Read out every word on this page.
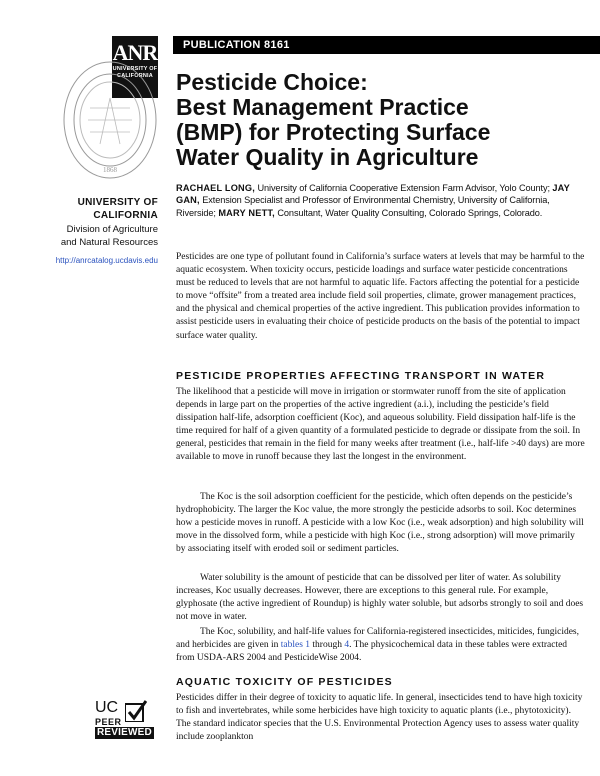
ANR
UNIVERSITY OF CALIFORNIA
1868
PUBLICATION 8161
Pesticide Choice:
Best Management Practice
(BMP) for Protecting Surface
Water Quality in Agriculture
UNIVERSITY OF
CALIFORNIA
Division of Agriculture
and Natural Resources
http://anrcatalog.ucdavis.edu
RACHAEL LONG, University of California Cooperative Extension Farm Advisor, Yolo County; JAY GAN, Extension Specialist and Professor of Environmental Chemistry, University of California, Riverside; MARY NETT, Consultant, Water Quality Consulting, Colorado Springs, Colorado.

Pesticides are one type of pollutant found in California’s surface waters at levels that may be harmful to the aquatic ecosystem. When toxicity occurs, pesticide loadings and surface water pesticide concentrations must be reduced to levels that are not harmful to aquatic life. Factors affecting the potential for a pesticide to move “offsite” from a treated area include field soil properties, climate, grower management practices, and the physical and chemical properties of the active ingredient. This publication provides information to assist pesticide users in evaluating their choice of pesticide products on the basis of the potential to impact surface water quality.

PESTICIDE PROPERTIES AFFECTING TRANSPORT IN WATER

The likelihood that a pesticide will move in irrigation or stormwater runoff from the site of application depends in large part on the properties of the active ingredient (a.i.), including the pesticide’s field dissipation half-life, adsorption coefficient (Koc), and aqueous solubility. Field dissipation half-life is the time required for half of a given quantity of a formulated pesticide to degrade or dissipate from the soil. In general, pesticides that remain in the field for many weeks after treatment (i.e., half-life >40 days) are more available to move in runoff because they last the longest in the environment.

The Koc is the soil adsorption coefficient for the pesticide, which often depends on the pesticide’s hydrophobicity. The larger the Koc value, the more strongly the pesticide adsorbs to soil. Koc determines how a pesticide moves in runoff. A pesticide with a low Koc (i.e., weak adsorption) and high solubility will move in the dissolved form, while a pesticide with high Koc (i.e., strong adsorption) will move primarily by associating itself with eroded soil or sediment particles.

Water solubility is the amount of pesticide that can be dissolved per liter of water. As solubility increases, Koc usually decreases. However, there are exceptions to this general rule. For example, glyphosate (the active ingredient of Roundup) is highly water soluble, but adsorbs strongly to soil and does not move in water.

The Koc, solubility, and half-life values for California-registered insecticides, miticides, fungicides, and herbicides are given in tables 1 through 4. The physicochemical data in these tables were extracted from USDA-ARS 2004 and PesticideWise 2004.

AQUATIC TOXICITY OF PESTICIDES

Pesticides differ in their degree of toxicity to aquatic life. In general, insecticides tend to have high toxicity to fish and invertebrates, while some herbicides have high toxicity to aquatic plants (i.e., phytotoxicity). The standard indicator species that the U.S. Environmental Protection Agency uses to assess water quality include zooplankton

UC
PEER
REVIEWED
